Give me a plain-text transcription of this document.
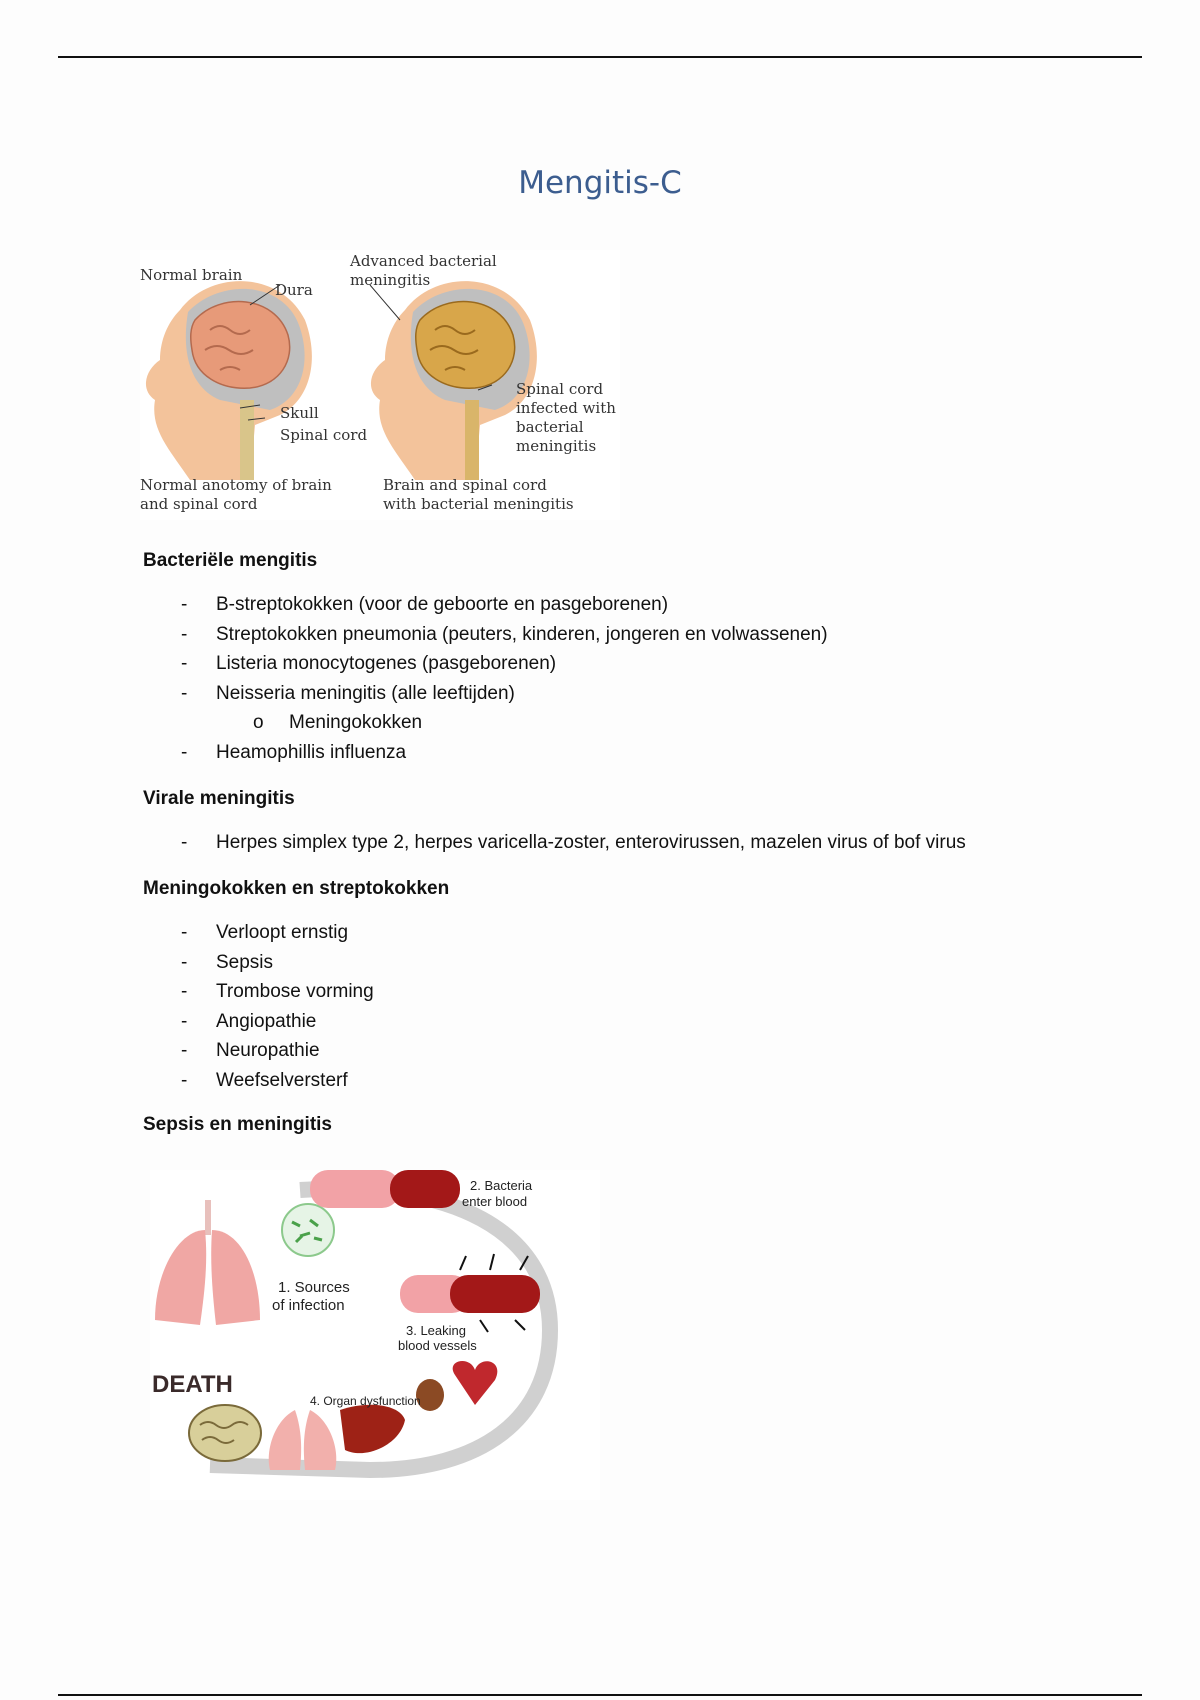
Mengitis-C
Normal brain
Dura
Skull
Spinal cord
Advanced bacterial
meningitis
Spinal cord
infected with
bacterial
meningitis
Normal anotomy of brain
and spinal cord
Brain and spinal cord
with bacterial meningitis
Bacteriële mengitis
- B-streptokokken (voor de geboorte en pasgeborenen)
- Streptokokken pneumonia (peuters, kinderen, jongeren en volwassenen)
- Listeria monocytogenes (pasgeborenen)
- Neisseria meningitis (alle leeftijden)
o Meningokokken
- Heamophillis influenza
Virale meningitis
- Herpes simplex type 2, herpes varicella-zoster, enterovirussen, mazelen virus of bof virus
Meningokokken en streptokokken
- Verloopt ernstig
- Sepsis
- Trombose vorming
- Angiopathie
- Neuropathie
- Weefselversterf
Sepsis en meningitis
2. Bacteria
enter blood
1. Sources
of infection
3. Leaking
blood vessels
DEATH
4. Organ dysfunction
